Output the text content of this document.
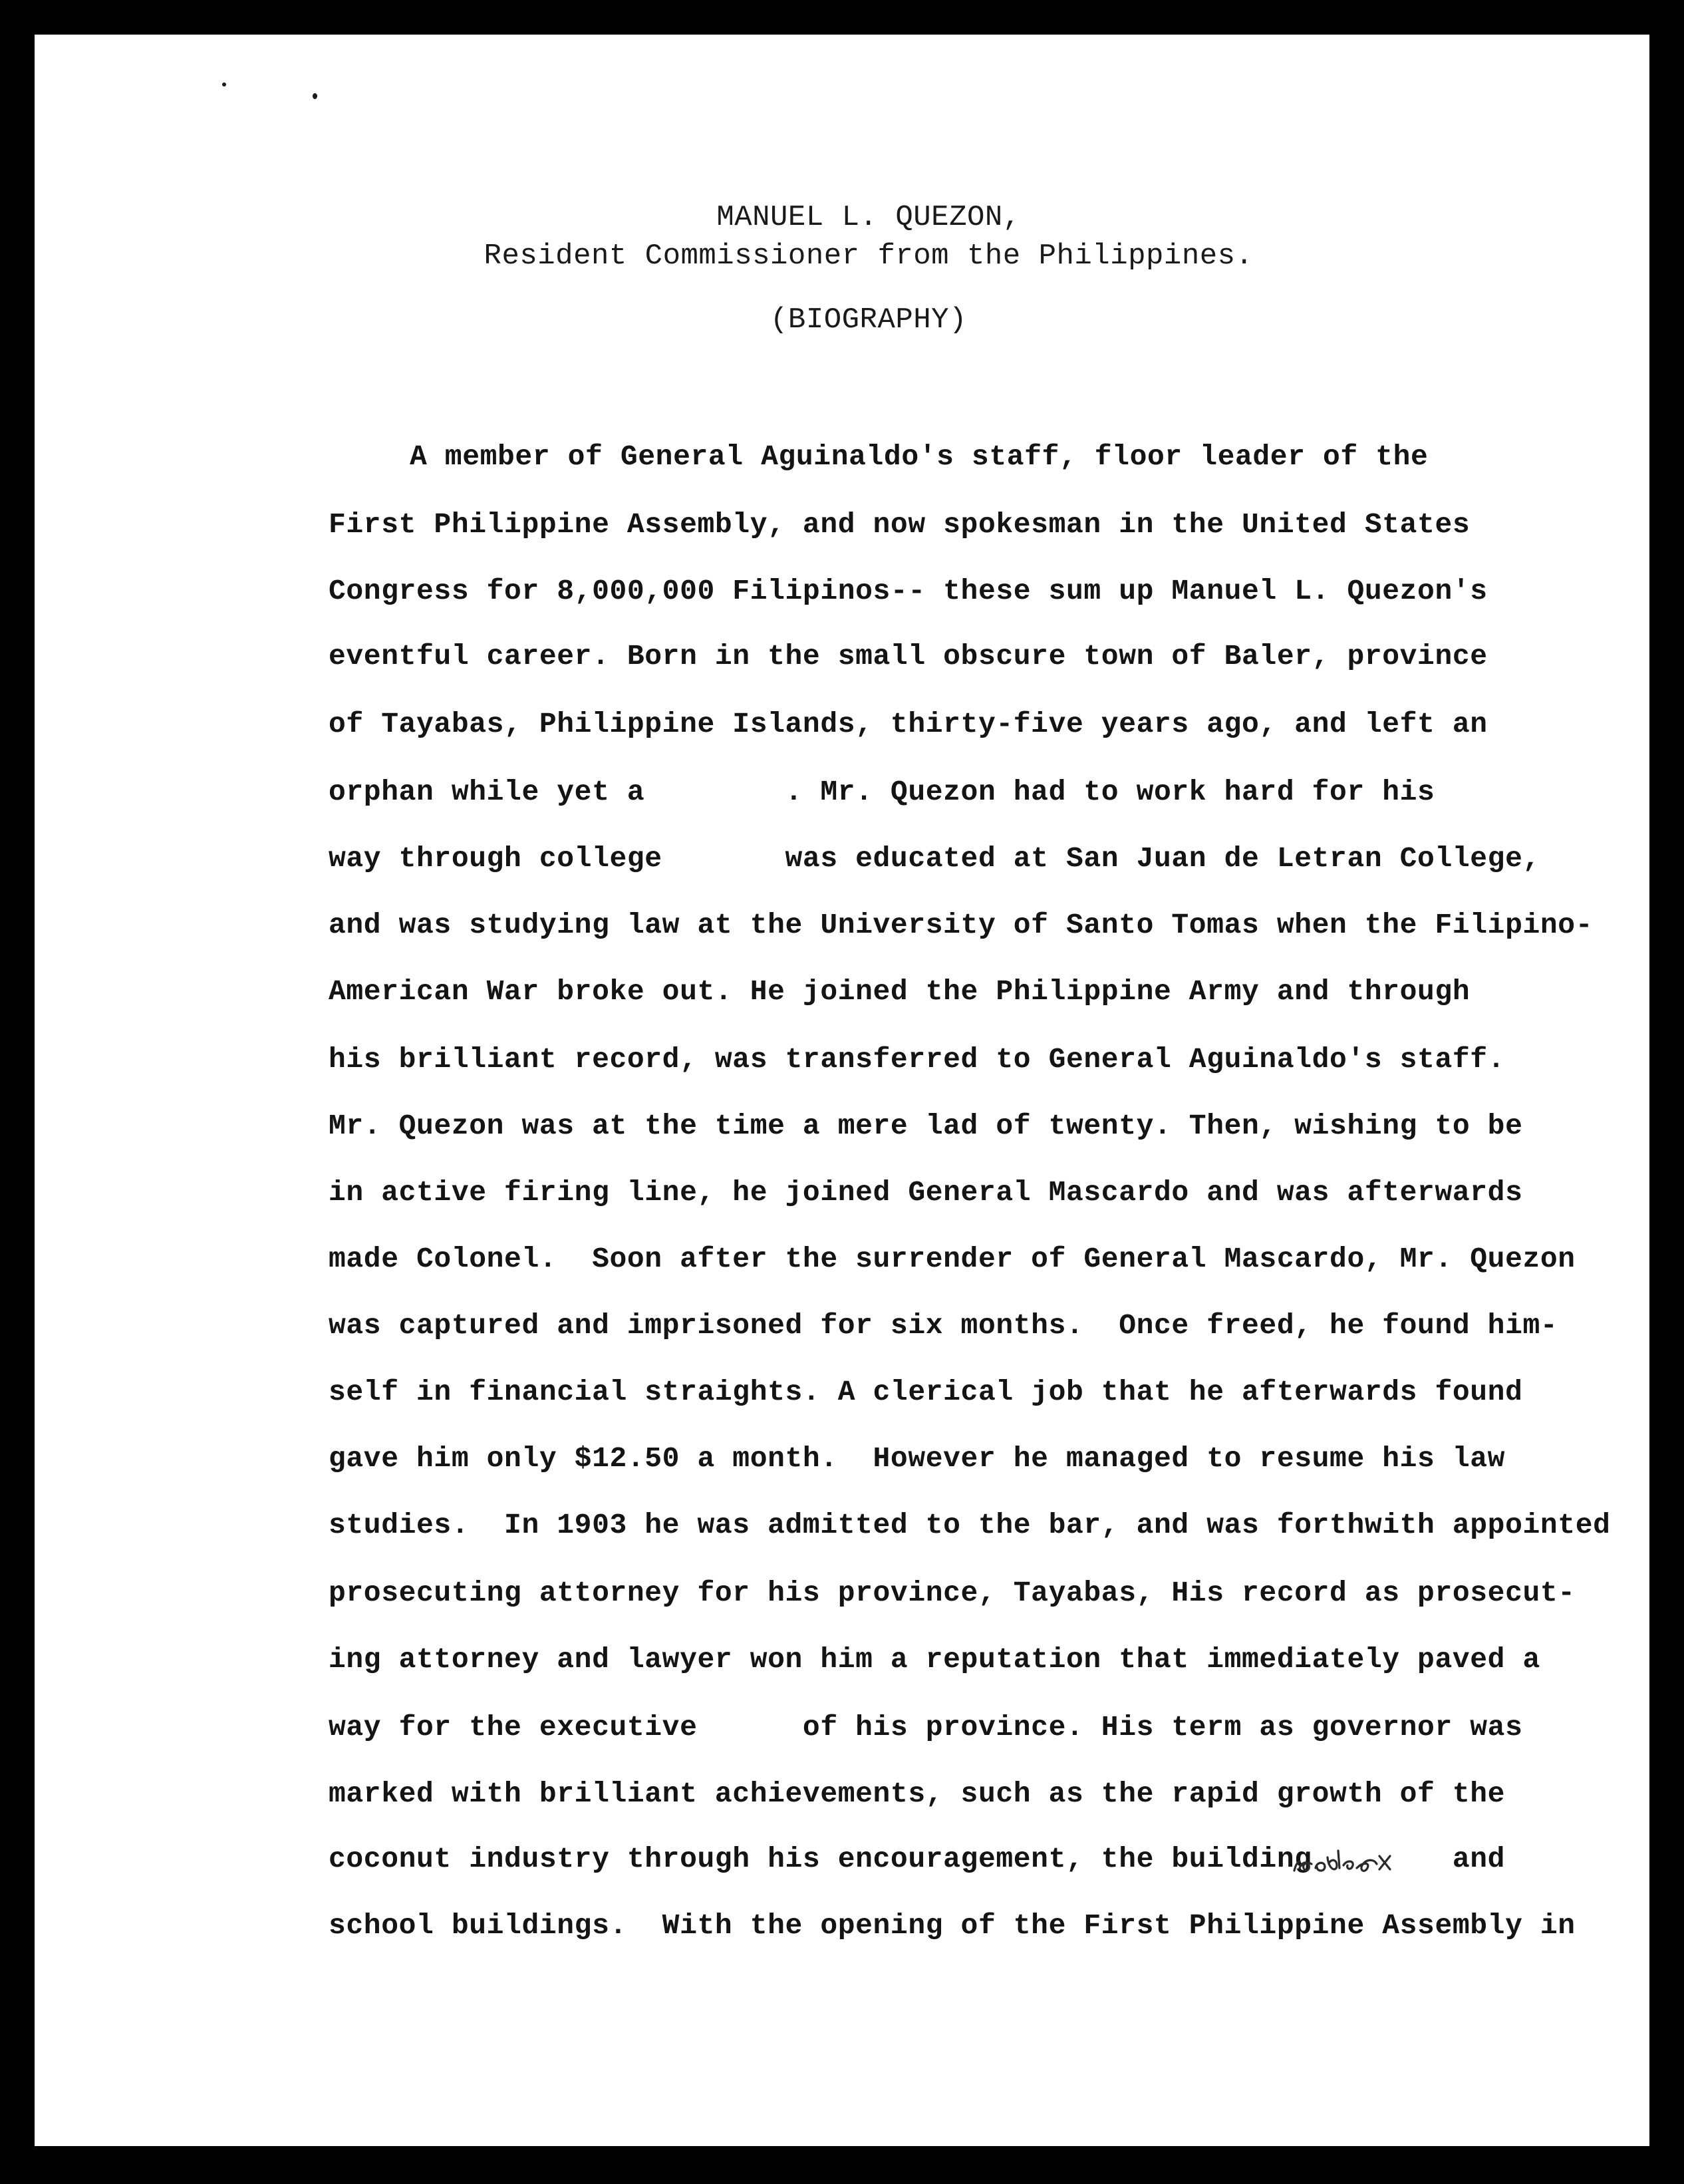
MANUEL L. QUEZON,
Resident Commissioner from the Philippines.
(BIOGRAPHY)
A member of General Aguinaldo's staff, floor leader of the
First Philippine Assembly, and now spokesman in the United States
Congress for 8,000,000 Filipinos-- these sum up Manuel L. Quezon's
eventful career. Born in the small obscure town of Baler, province
of Tayabas, Philippine Islands, thirty-five years ago, and left an
orphan while yet a        . Mr. Quezon had to work hard for his
way through college       was educated at San Juan de Letran College,
and was studying law at the University of Santo Tomas when the Filipino-
American War broke out. He joined the Philippine Army and through
his brilliant record, was transferred to General Aguinaldo's staff.
Mr. Quezon was at the time a mere lad of twenty. Then, wishing to be
in active firing line, he joined General Mascardo and was afterwards
made Colonel.  Soon after the surrender of General Mascardo, Mr. Quezon
was captured and imprisoned for six months.  Once freed, he found him-
self in financial straights. A clerical job that he afterwards found
gave him only $12.50 a month.  However he managed to resume his law
studies.  In 1903 he was admitted to the bar, and was forthwith appointed
prosecuting attorney for his province, Tayabas, His record as prosecut-
ing attorney and lawyer won him a reputation that immediately paved a
way for the executive      of his province. His term as governor was
marked with brilliant achievements, such as the rapid growth of the
coconut industry through his encouragement, the building        and
school buildings.  With the opening of the First Philippine Assembly in
